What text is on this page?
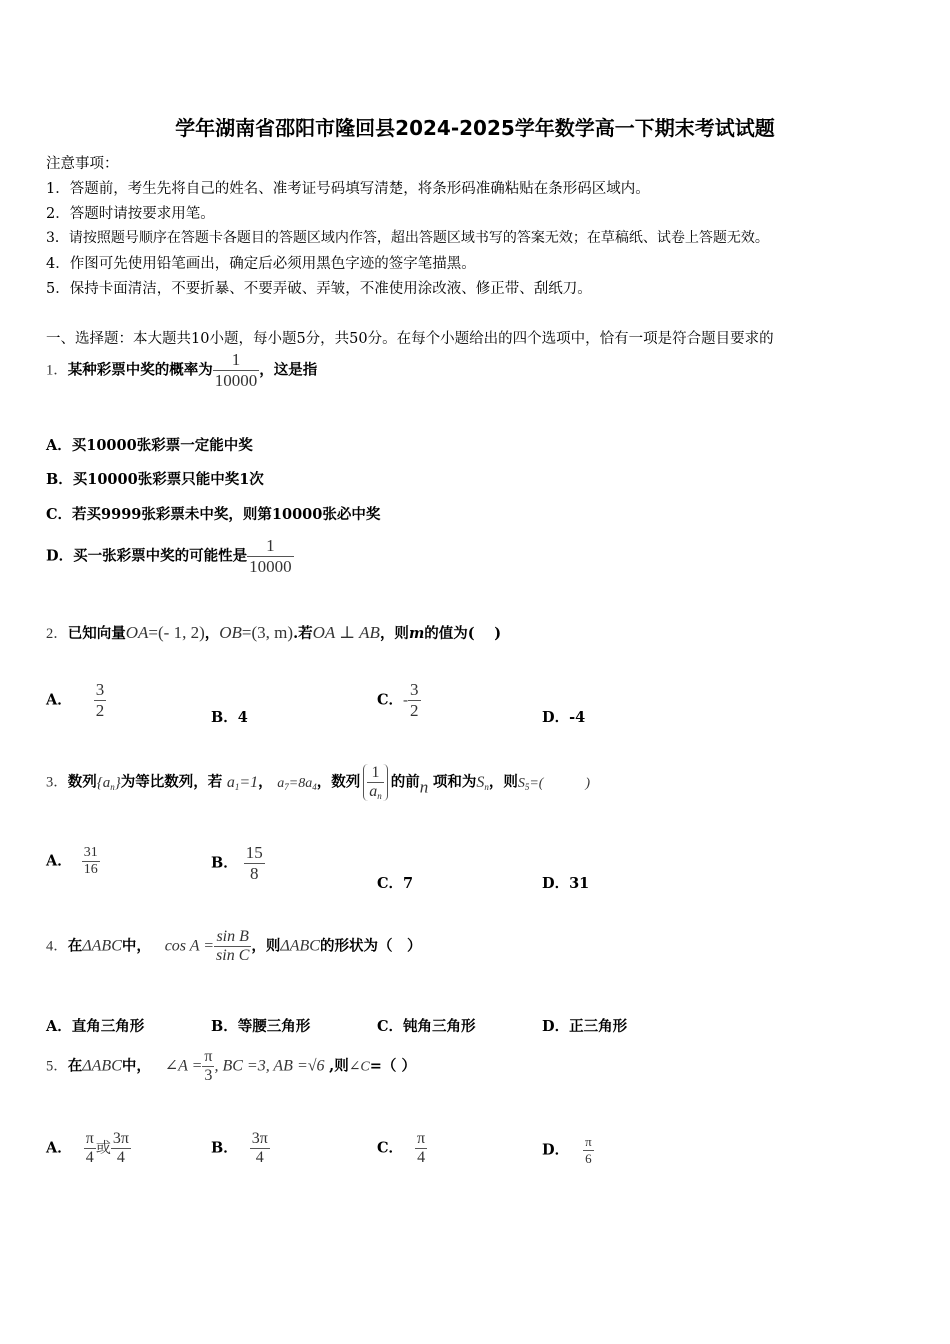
学年湖南省邵阳市隆回县2024-2025学年数学高一下期末考试试题
注意事项：
1．答题前，考生先将自己的姓名、准考证号码填写清楚，将条形码准确粘贴在条形码区域内。
2．答题时请按要求用笔。
3．请按照题号顺序在答题卡各题目的答题区域内作答，超出答题区域书写的答案无效；在草稿纸、试卷上答题无效。
4．作图可先使用铅笔画出，确定后必须用黑色字迹的签字笔描黑。
5．保持卡面清洁，不要折暴、不要弄破、弄皱，不准使用涂改液、修正带、刮纸刀。
一、选择题：本大题共10小题，每小题5分，共50分。在每个小题给出的四个选项中，恰有一项是符合题目要求的
1．某种彩票中奖的概率为 $\frac{1}{10000}$ ，这是指
A．买10000张彩票一定能中奖
B．买10000张彩票只能中奖1次
C．若买9999张彩票未中奖，则第10000张必中奖
D．买一张彩票中奖的可能性是 $\frac{1}{10000}$
2．已知向量OA=(- 1, 2)，OB=(3, m).若OA ⊥ AB，则m的值为(　 )
A． $\frac{3}{2}$	B．4
C．- $\frac{3}{2}$	D．-4
3．数列$\{a_n\}$为等比数列，若 $a_1=1$， $a_7=8a_4$，数列 $\frac{1}{a_n}$ 的前n 项和为$S_n$，则$S_5=$(　　　)
A． $\frac{31}{16}$	B． $\frac{15}{8}$	C．7	D．31
4．在ΔABC中， $\cos A = \frac{\text{sin B}}{\text{sin C}}$ ，则ΔABC的形状为（　）
A．直角三角形	B．等腰三角形	C．钝角三角形	D．正三角形
5．在ΔABC中， ∠A = $\frac{\pi}{3}$ , BC =3, AB =√6 ,则∠C=（ ）
A． $\frac{\pi}{4}$ 或 $\frac{3\pi}{4}$	B． $\frac{3\pi}{4}$	C． $\frac{\pi}{4}$	D． $\frac{\pi}{6}$
